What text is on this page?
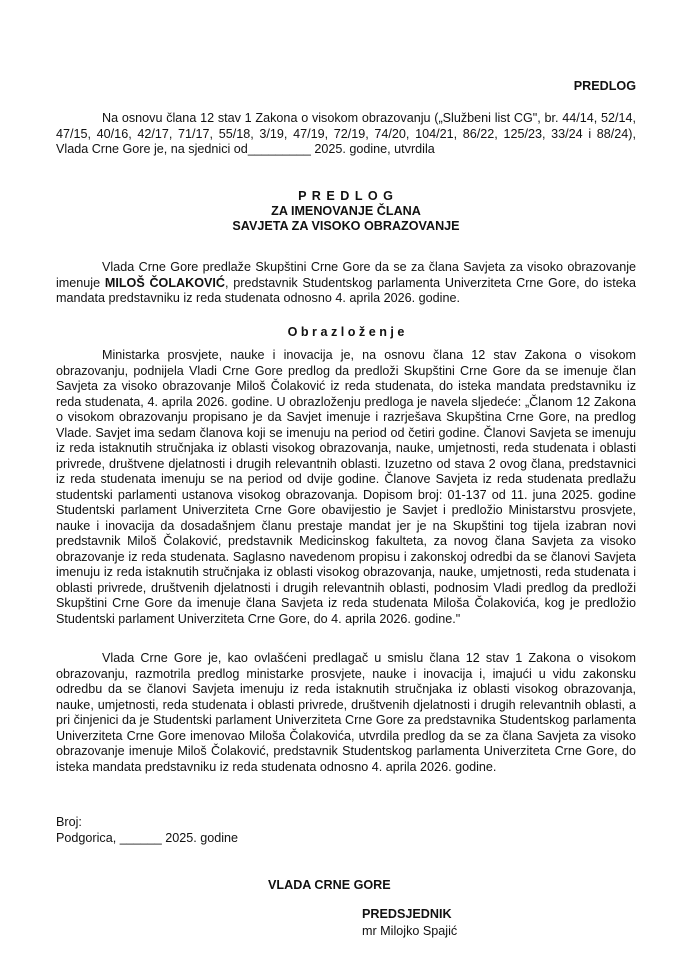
PREDLOG
Na osnovu člana 12 stav 1 Zakona o visokom obrazovanju („Službeni list CG", br. 44/14, 52/14, 47/15, 40/16, 42/17, 71/17, 55/18, 3/19, 47/19, 72/19, 74/20, 104/21, 86/22, 125/23, 33/24 i 88/24), Vlada Crne Gore je, na sjednici od_________ 2025. godine, utvrdila
P R E D L O G
ZA IMENOVANJE ČLANA
SAVJETA ZA VISOKO OBRAZOVANJE
Vlada Crne Gore predlaže Skupštini Crne Gore da se za člana Savjeta za visoko obrazovanje imenuje MILOŠ ČOLAKOVIĆ, predstavnik Studentskog parlamenta Univerziteta Crne Gore, do isteka mandata predstavniku iz reda studenata odnosno 4. aprila 2026. godine.
O b r a z l o ž e n j e
Ministarka prosvjete, nauke i inovacija je, na osnovu člana 12 stav Zakona o visokom obrazovanju, podnijela Vladi Crne Gore predlog da predloži Skupštini Crne Gore da se imenuje član Savjeta za visoko obrazovanje Miloš Čolaković iz reda studenata, do isteka mandata predstavniku iz reda studenata, 4. aprila 2026. godine. U obrazloženju predloga je navela sljedeće: „Članom 12 Zakona o visokom obrazovanju propisano je da Savjet imenuje i razrješava Skupština Crne Gore, na predlog Vlade. Savjet ima sedam članova koji se imenuju na period od četiri godine. Članovi Savjeta se imenuju iz reda istaknutih stručnjaka iz oblasti visokog obrazovanja, nauke, umjetnosti, reda studenata i oblasti privrede, društvene djelatnosti i drugih relevantnih oblasti. Izuzetno od stava 2 ovog člana, predstavnici iz reda studenata imenuju se na period od dvije godine. Članove Savjeta iz reda studenata predlažu studentski parlamenti ustanova visokog obrazovanja. Dopisom broj: 01-137 od 11. juna 2025. godine Studentski parlament Univerziteta Crne Gore obavijestio je Savjet i predložio Ministarstvu prosvjete, nauke i inovacija da dosadašnjem članu prestaje mandat jer je na Skupštini tog tijela izabran novi predstavnik Miloš Čolaković, predstavnik Medicinskog fakulteta, za novog člana Savjeta za visoko obrazovanje iz reda studenata. Saglasno navedenom propisu i zakonskoj odredbi da se članovi Savjeta imenuju iz reda istaknutih stručnjaka iz oblasti visokog obrazovanja, nauke, umjetnosti, reda studenata i oblasti privrede, društvenih djelatnosti i drugih relevantnih oblasti, podnosim Vladi predlog da predloži Skupštini Crne Gore da imenuje člana Savjeta iz reda studenata Miloša Čolakovića, kog je predložio Studentski parlament Univerziteta Crne Gore, do 4. aprila 2026. godine."
Vlada Crne Gore je, kao ovlašćeni predlagač u smislu člana 12 stav 1 Zakona o visokom obrazovanju, razmotrila predlog ministarke prosvjete, nauke i inovacija i, imajući u vidu zakonsku odredbu da se članovi Savjeta imenuju iz reda istaknutih stručnjaka iz oblasti visokog obrazovanja, nauke, umjetnosti, reda studenata i oblasti privrede, društvenih djelatnosti i drugih relevantnih oblasti, a pri činjenici da je Studentski parlament Univerziteta Crne Gore za predstavnika Studentskog parlamenta Univerziteta Crne Gore imenovao Miloša Čolakovića, utvrdila predlog da se za člana Savjeta za visoko obrazovanje imenuje Miloš Čolaković, predstavnik Studentskog parlamenta Univerziteta Crne Gore, do isteka mandata predstavniku iz reda studenata odnosno 4. aprila 2026. godine.
Broj:
Podgorica, ______ 2025. godine
VLADA CRNE GORE
PREDSJEDNIK
mr Milojko Spajić
